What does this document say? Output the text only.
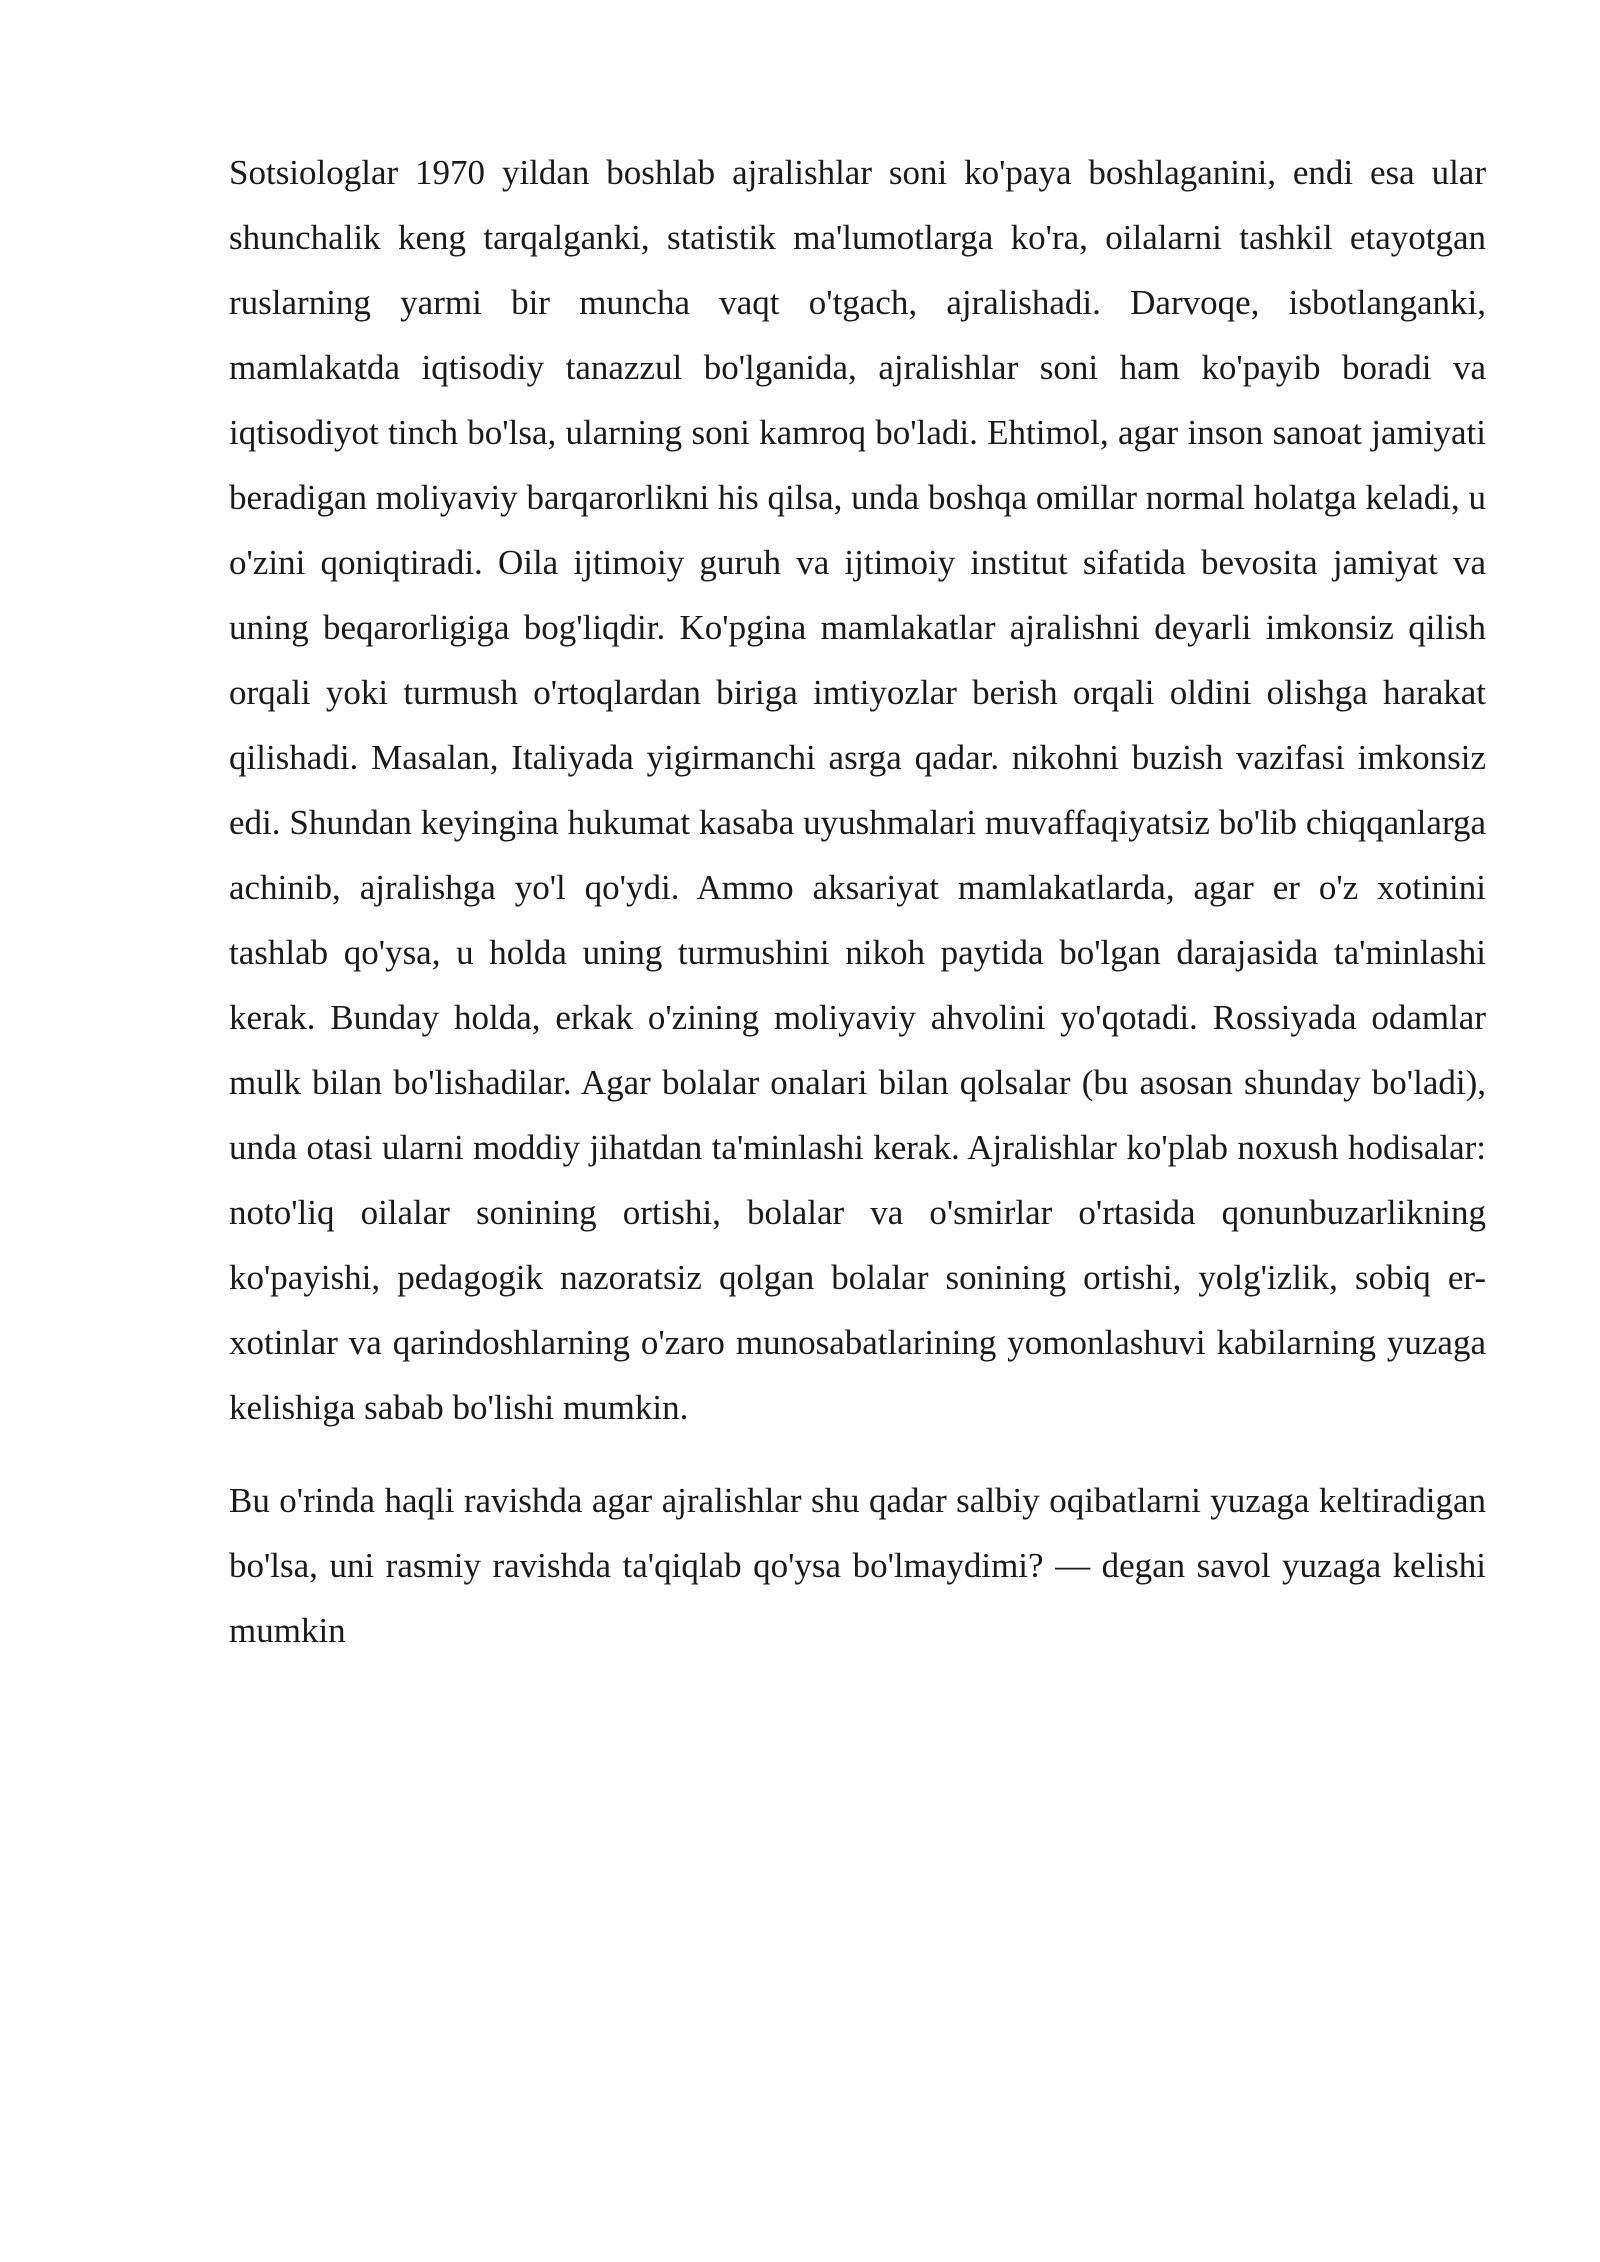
Sotsiologlar 1970 yildan boshlab ajralishlar soni ko'paya boshlaganini, endi esa ular shunchalik keng tarqalganki, statistik ma'lumotlarga ko'ra, oilalarni tashkil etayotgan ruslarning yarmi bir muncha vaqt o'tgach, ajralishadi. Darvoqe, isbotlanganki, mamlakatda iqtisodiy tanazzul bo'lganida, ajralishlar soni ham ko'payib boradi va iqtisodiyot tinch bo'lsa, ularning soni kamroq bo'ladi. Ehtimol, agar inson sanoat jamiyati beradigan moliyaviy barqarorlikni his qilsa, unda boshqa omillar normal holatga keladi, u o'zini qoniqtiradi. Oila ijtimoiy guruh va ijtimoiy institut sifatida bevosita jamiyat va uning beqarorligiga bog'liqdir. Ko'pgina mamlakatlar ajralishni deyarli imkonsiz qilish orqali yoki turmush o'rtoqlardan biriga imtiyozlar berish orqali oldini olishga harakat qilishadi. Masalan, Italiyada yigirmanchi asrga qadar. nikohni buzish vazifasi imkonsiz edi. Shundan keyingina hukumat kasaba uyushmalari muvaffaqiyatsiz bo'lib chiqqanlarga achinib, ajralishga yo'l qo'ydi. Ammo aksariyat mamlakatlarda, agar er o'z xotinini tashlab qo'ysa, u holda uning turmushini nikoh paytida bo'lgan darajasida ta'minlashi kerak. Bunday holda, erkak o'zining moliyaviy ahvolini yo'qotadi. Rossiyada odamlar mulk bilan bo'lishadilar. Agar bolalar onalari bilan qolsalar (bu asosan shunday bo'ladi), unda otasi ularni moddiy jihatdan ta'minlashi kerak. Ajralishlar ko'plab noxush hodisalar: noto'liq oilalar sonining ortishi, bolalar va o'smirlar o'rtasida qonunbuzarlikning ko'payishi, pedagogik nazoratsiz qolgan bolalar sonining ortishi, yolg'izlik, sobiq er-xotinlar va qarindoshlarning o'zaro munosabatlarining yomonlashuvi kabilarning yuzaga kelishiga sabab bo'lishi mumkin.

Bu o'rinda haqli ravishda agar ajralishlar shu qadar salbiy oqibatlarni yuzaga keltiradigan bo'lsa, uni rasmiy ravishda ta'qiqlab qo'ysa bo'lmaydimi? — degan savol yuzaga kelishi mumkin
